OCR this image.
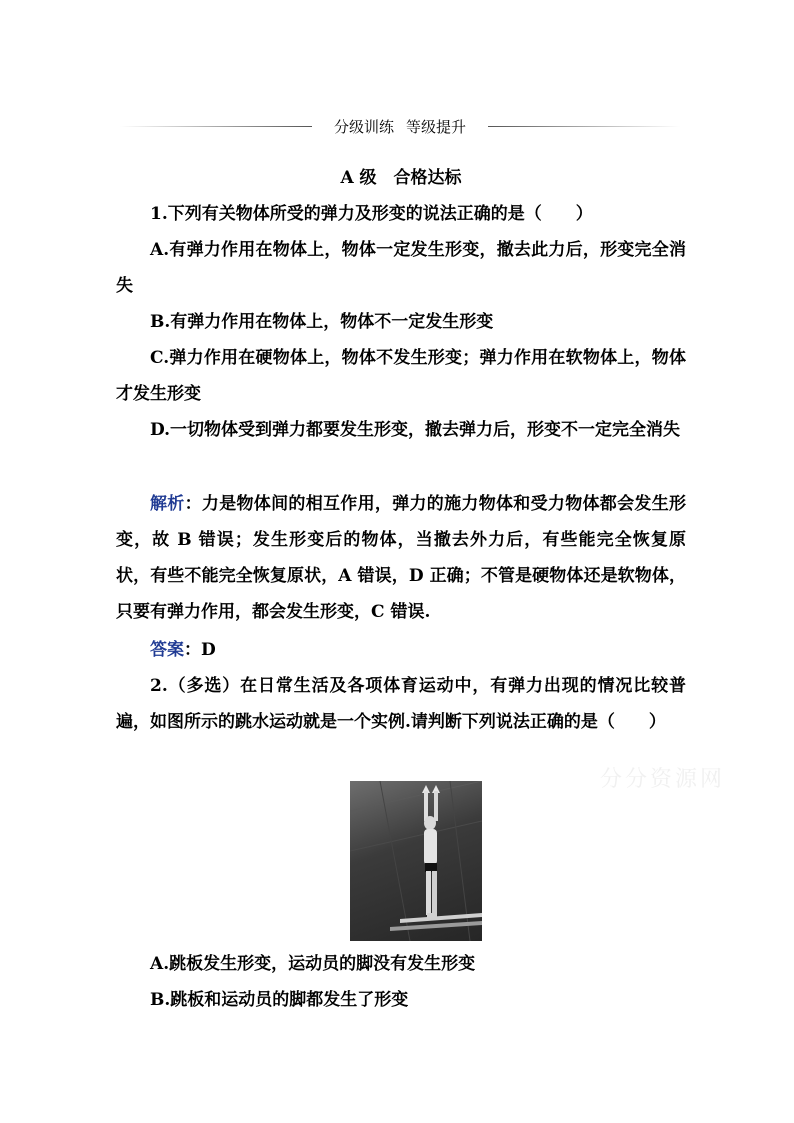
分级训练 等级提升

A 级　合格达标

1.下列有关物体所受的弹力及形变的说法正确的是（　　）

A.有弹力作用在物体上，物体一定发生形变，撤去此力后，形变完全消失

B.有弹力作用在物体上，物体不一定发生形变

C.弹力作用在硬物体上，物体不发生形变；弹力作用在软物体上，物体才发生形变

D.一切物体受到弹力都要发生形变，撤去弹力后，形变不一定完全消失

解析：力是物体间的相互作用，弹力的施力物体和受力物体都会发生形变，故 B 错误；发生形变后的物体，当撤去外力后，有些能完全恢复原状，有些不能完全恢复原状，A 错误，D 正确；不管是硬物体还是软物体，只要有弹力作用，都会发生形变，C 错误.

答案：D

2.（多选）在日常生活及各项体育运动中，有弹力出现的情况比较普遍，如图所示的跳水运动就是一个实例.请判断下列说法正确的是（　　）

分分资源网

A.跳板发生形变，运动员的脚没有发生形变

B.跳板和运动员的脚都发生了形变
